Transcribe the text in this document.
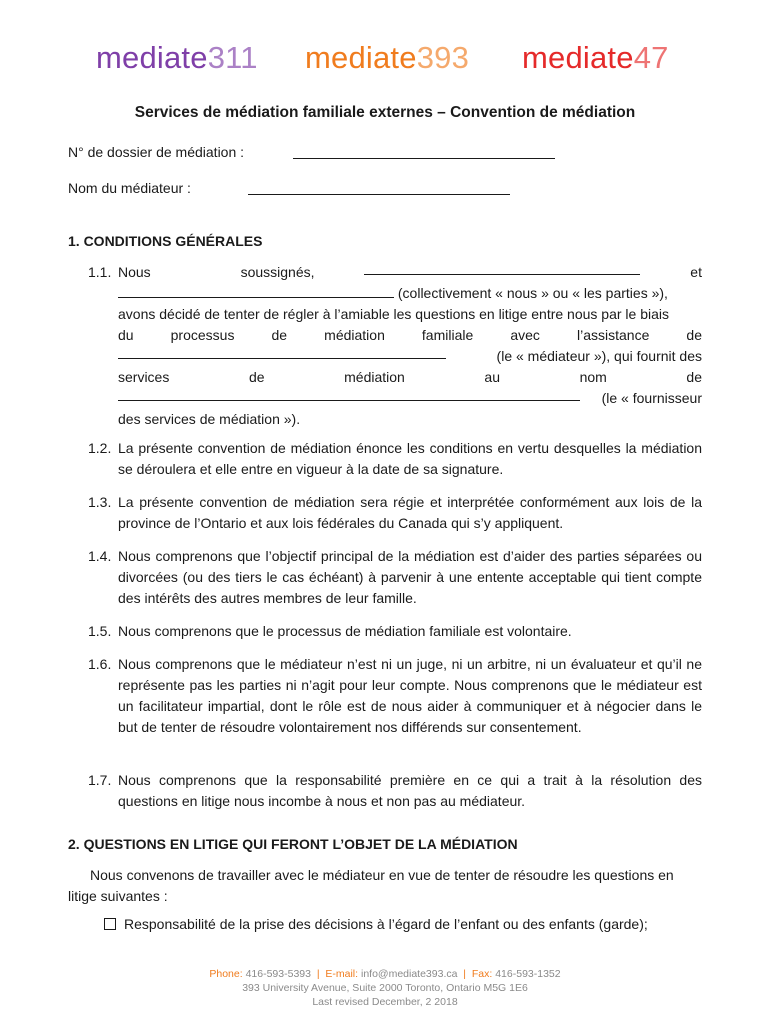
mediate311 mediate393 mediate47
Services de médiation familiale externes – Convention de médiation
N° de dossier de médiation :
Nom du médiateur :
1. CONDITIONS GÉNÉRALES
1.1. Nous	soussignés,	et
(collectivement « nous » ou « les parties »),
avons décidé de tenter de régler à l’amiable les questions en litige entre nous par le biais
du	processus	de	médiation	familiale	avec	l’assistance	de
(le « médiateur »), qui fournit des
services	de	médiation	au	nom	de
(le « fournisseur
des services de médiation »).
1.2. La présente convention de médiation énonce les conditions en vertu desquelles la médiation se déroulera et elle entre en vigueur à la date de sa signature.
1.3. La présente convention de médiation sera régie et interprétée conformément aux lois de la province de l’Ontario et aux lois fédérales du Canada qui s’y appliquent.
1.4. Nous comprenons que l’objectif principal de la médiation est d’aider des parties séparées ou divorcées (ou des tiers le cas échéant) à parvenir à une entente acceptable qui tient compte des intérêts des autres membres de leur famille.
1.5. Nous comprenons que le processus de médiation familiale est volontaire.
1.6. Nous comprenons que le médiateur n’est ni un juge, ni un arbitre, ni un évaluateur et qu’il ne représente pas les parties ni n’agit pour leur compte. Nous comprenons que le médiateur est un facilitateur impartial, dont le rôle est de nous aider à communiquer et à négocier dans le but de tenter de résoudre volontairement nos différends sur consentement.
1.7. Nous comprenons que la responsabilité première en ce qui a trait à la résolution des questions en litige nous incombe à nous et non pas au médiateur.
2. QUESTIONS EN LITIGE QUI FERONT L’OBJET DE LA MÉDIATION
Nous convenons de travailler avec le médiateur en vue de tenter de résoudre les questions en litige suivantes :
Responsabilité de la prise des décisions à l’égard de l’enfant ou des enfants (garde);
Phone: 416-593-5393 | E-mail: info@mediate393.ca | Fax: 416-593-1352
393 University Avenue, Suite 2000 Toronto, Ontario M5G 1E6
Last revised December, 2 2018
